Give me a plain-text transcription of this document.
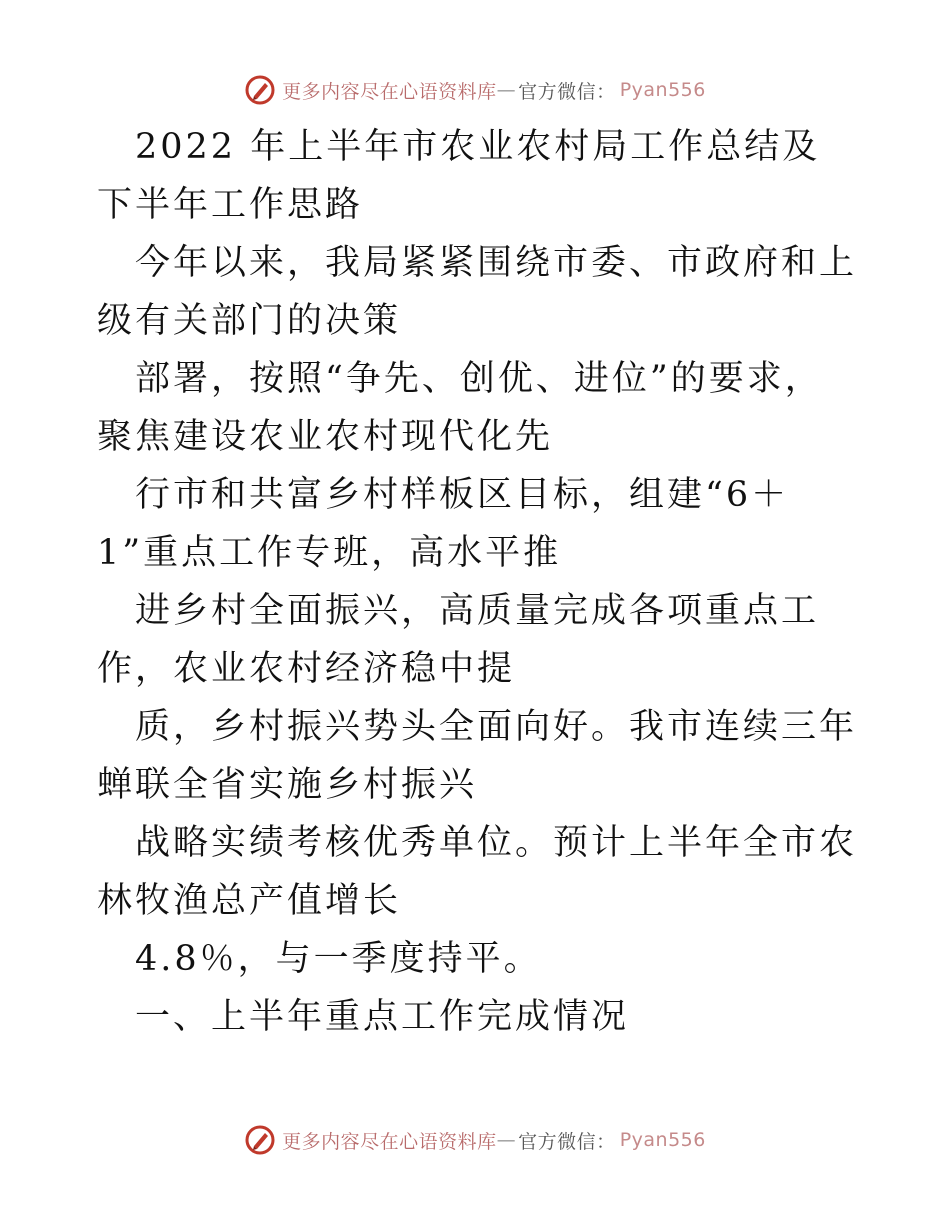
更多内容尽在心语资料库 — 官方微信： Pyan556

2022 年上半年市农业农村局工作总结及下半年工作思路

今年以来，我局紧紧围绕市委、市政府和上级有关部门的决策

部署，按照“争先、创优、进位”的要求，聚焦建设农业农村现代化先

行市和共富乡村样板区目标，组建“6＋1”重点工作专班，高水平推

进乡村全面振兴，高质量完成各项重点工作，农业农村经济稳中提

质，乡村振兴势头全面向好。我市连续三年蝉联全省实施乡村振兴

战略实绩考核优秀单位。预计上半年全市农林牧渔总产值增长

4.8％，与一季度持平。

一、上半年重点工作完成情况

更多内容尽在心语资料库 — 官方微信： Pyan556
